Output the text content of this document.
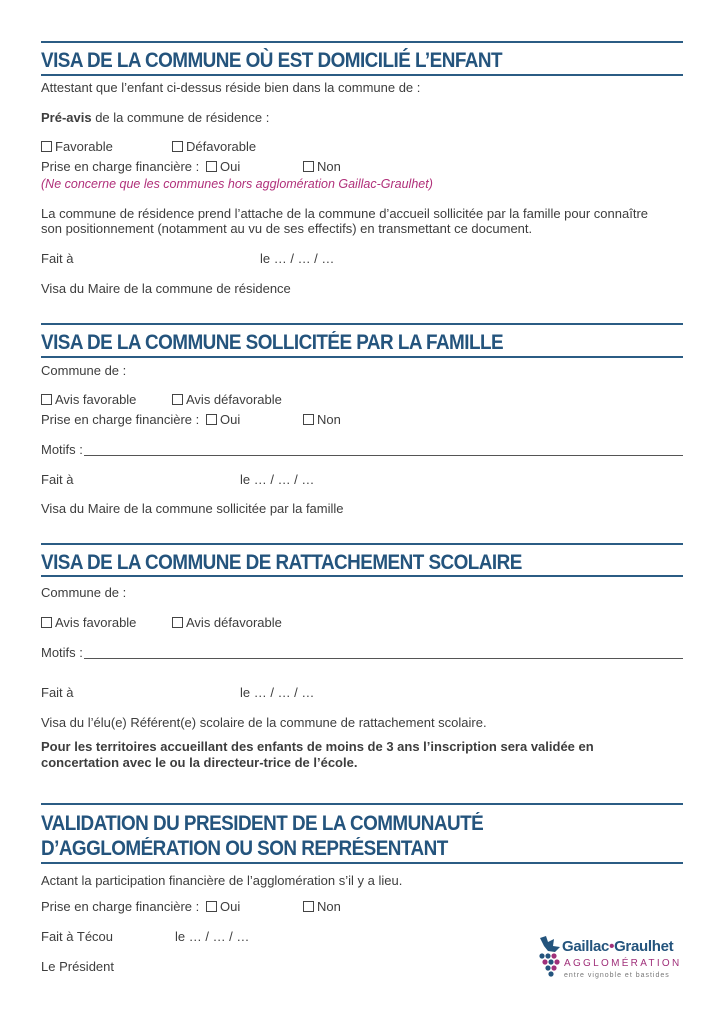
VISA DE LA COMMUNE OÙ EST DOMICILIÉ L’ENFANT
Attestant que l’enfant ci-dessus réside bien dans la commune de :
Pré-avis de la commune de résidence :
Favorable	Défavorable
Prise en charge financière :	Oui	Non
(Ne concerne que les communes hors agglomération Gaillac-Graulhet)
La commune de résidence prend l’attache de la commune d’accueil sollicitée par la famille pour connaître
son positionnement (notamment au vu de ses effectifs) en transmettant ce document.
Fait à	le … / … / …
Visa du Maire de la commune de résidence
VISA DE LA COMMUNE SOLLICITÉE PAR LA FAMILLE
Commune de :
Avis favorable	Avis défavorable
Prise en charge financière :	Oui	Non
Motifs :
Fait à	le … / … / …
Visa du Maire de la commune sollicitée par la famille
VISA DE LA COMMUNE DE RATTACHEMENT SCOLAIRE
Commune de :
Avis favorable	Avis défavorable
Motifs :
Fait à	le … / … / …
Visa du l’élu(e) Référent(e) scolaire de la commune de rattachement scolaire.
Pour les territoires accueillant des enfants de moins de 3 ans l’inscription sera validée en
concertation avec le ou la directeur-trice de l’école.
VALIDATION DU PRESIDENT DE LA COMMUNAUTÉ
D’AGGLOMÉRATION OU SON REPRÉSENTANT
Actant la participation financière de l’agglomération s’il y a lieu.
Prise en charge financière :	Oui	Non
Fait à Técou	le … / … / …
Le Président
Gaillac•Graulhet
AGGLOMÉRATION
entre vignoble et bastides
